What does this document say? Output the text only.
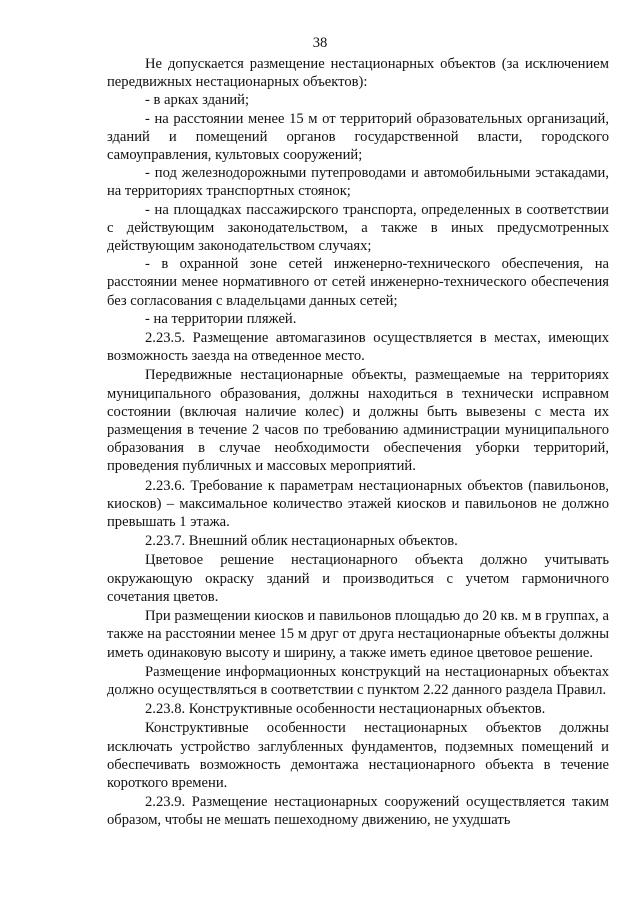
38

Не допускается размещение нестационарных объектов (за исключением передвижных нестационарных объектов):

- в арках зданий;

- на расстоянии менее 15 м от территорий образовательных организаций, зданий и помещений органов государственной власти, городского самоуправления, культовых сооружений;

- под железнодорожными путепроводами и автомобильными эстакадами, на территориях транспортных стоянок;

- на площадках пассажирского транспорта, определенных в соответствии с действующим законодательством, а также в иных предусмотренных действующим законодательством случаях;

- в охранной зоне сетей инженерно-технического обеспечения, на расстоянии менее нормативного от сетей инженерно-технического обеспечения без согласования с владельцами данных сетей;

- на территории пляжей.

2.23.5. Размещение автомагазинов осуществляется в местах, имеющих возможность заезда на отведенное место.

Передвижные нестационарные объекты, размещаемые на территориях муниципального образования, должны находиться в технически исправном состоянии (включая наличие колес) и должны быть вывезены с места их размещения в течение 2 часов по требованию администрации муниципального образования в случае необходимости обеспечения уборки территорий, проведения публичных и массовых мероприятий.

2.23.6. Требование к параметрам нестационарных объектов (павильонов, киосков) – максимальное количество этажей киосков и павильонов не должно превышать 1 этажа.

2.23.7. Внешний облик нестационарных объектов.

Цветовое решение нестационарного объекта должно учитывать окружающую окраску зданий и производиться с учетом гармоничного сочетания цветов.

При размещении киосков и павильонов площадью до 20 кв. м в группах, а также на расстоянии менее 15 м друг от друга нестационарные объекты должны иметь одинаковую высоту и ширину, а также иметь единое цветовое решение.

Размещение информационных конструкций на нестационарных объектах должно осуществляться в соответствии с пунктом 2.22 данного раздела Правил.

2.23.8. Конструктивные особенности нестационарных объектов.

Конструктивные особенности нестационарных объектов должны исключать устройство заглубленных фундаментов, подземных помещений и обеспечивать возможность демонтажа нестационарного объекта в течение короткого времени.

2.23.9. Размещение нестационарных сооружений осуществляется таким образом, чтобы не мешать пешеходному движению, не ухудшать
